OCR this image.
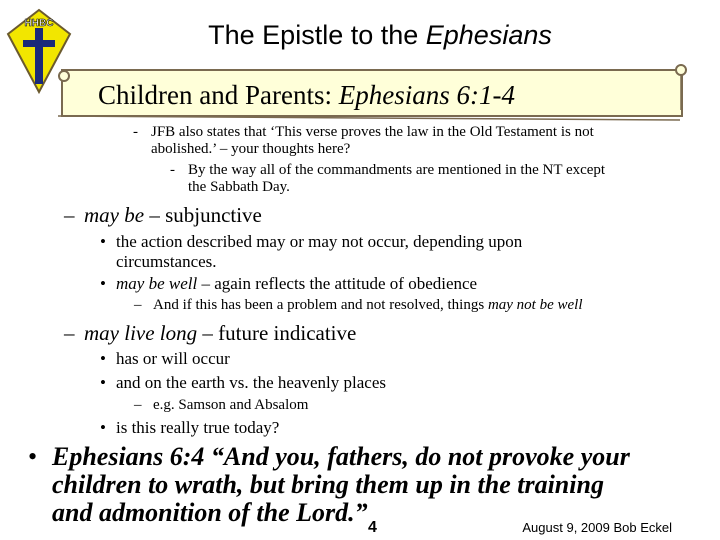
HHBC	The Epistle to the Ephesians
Children and Parents: Ephesians 6:1-4
- JFB also states that ‘This verse proves the law in the Old Testament is not
abolished.’ – your thoughts here?
- By the way all of the commandments are mentioned in the NT except
the Sabbath Day.
– may be – subjunctive
• the action described may or may not occur, depending upon
circumstances.
• may be well – again reflects the attitude of obedience
– And if this has been a problem and not resolved, things may not be well
– may live long – future indicative
• has or will occur
• and on the earth vs. the heavenly places
– e.g. Samson and Absalom
• is this really true today?
• Ephesians 6:4 “And you, fathers, do not provoke your
children to wrath, but bring them up in the training
and admonition of the Lord.”
4	August 9, 2009 Bob Eckel
